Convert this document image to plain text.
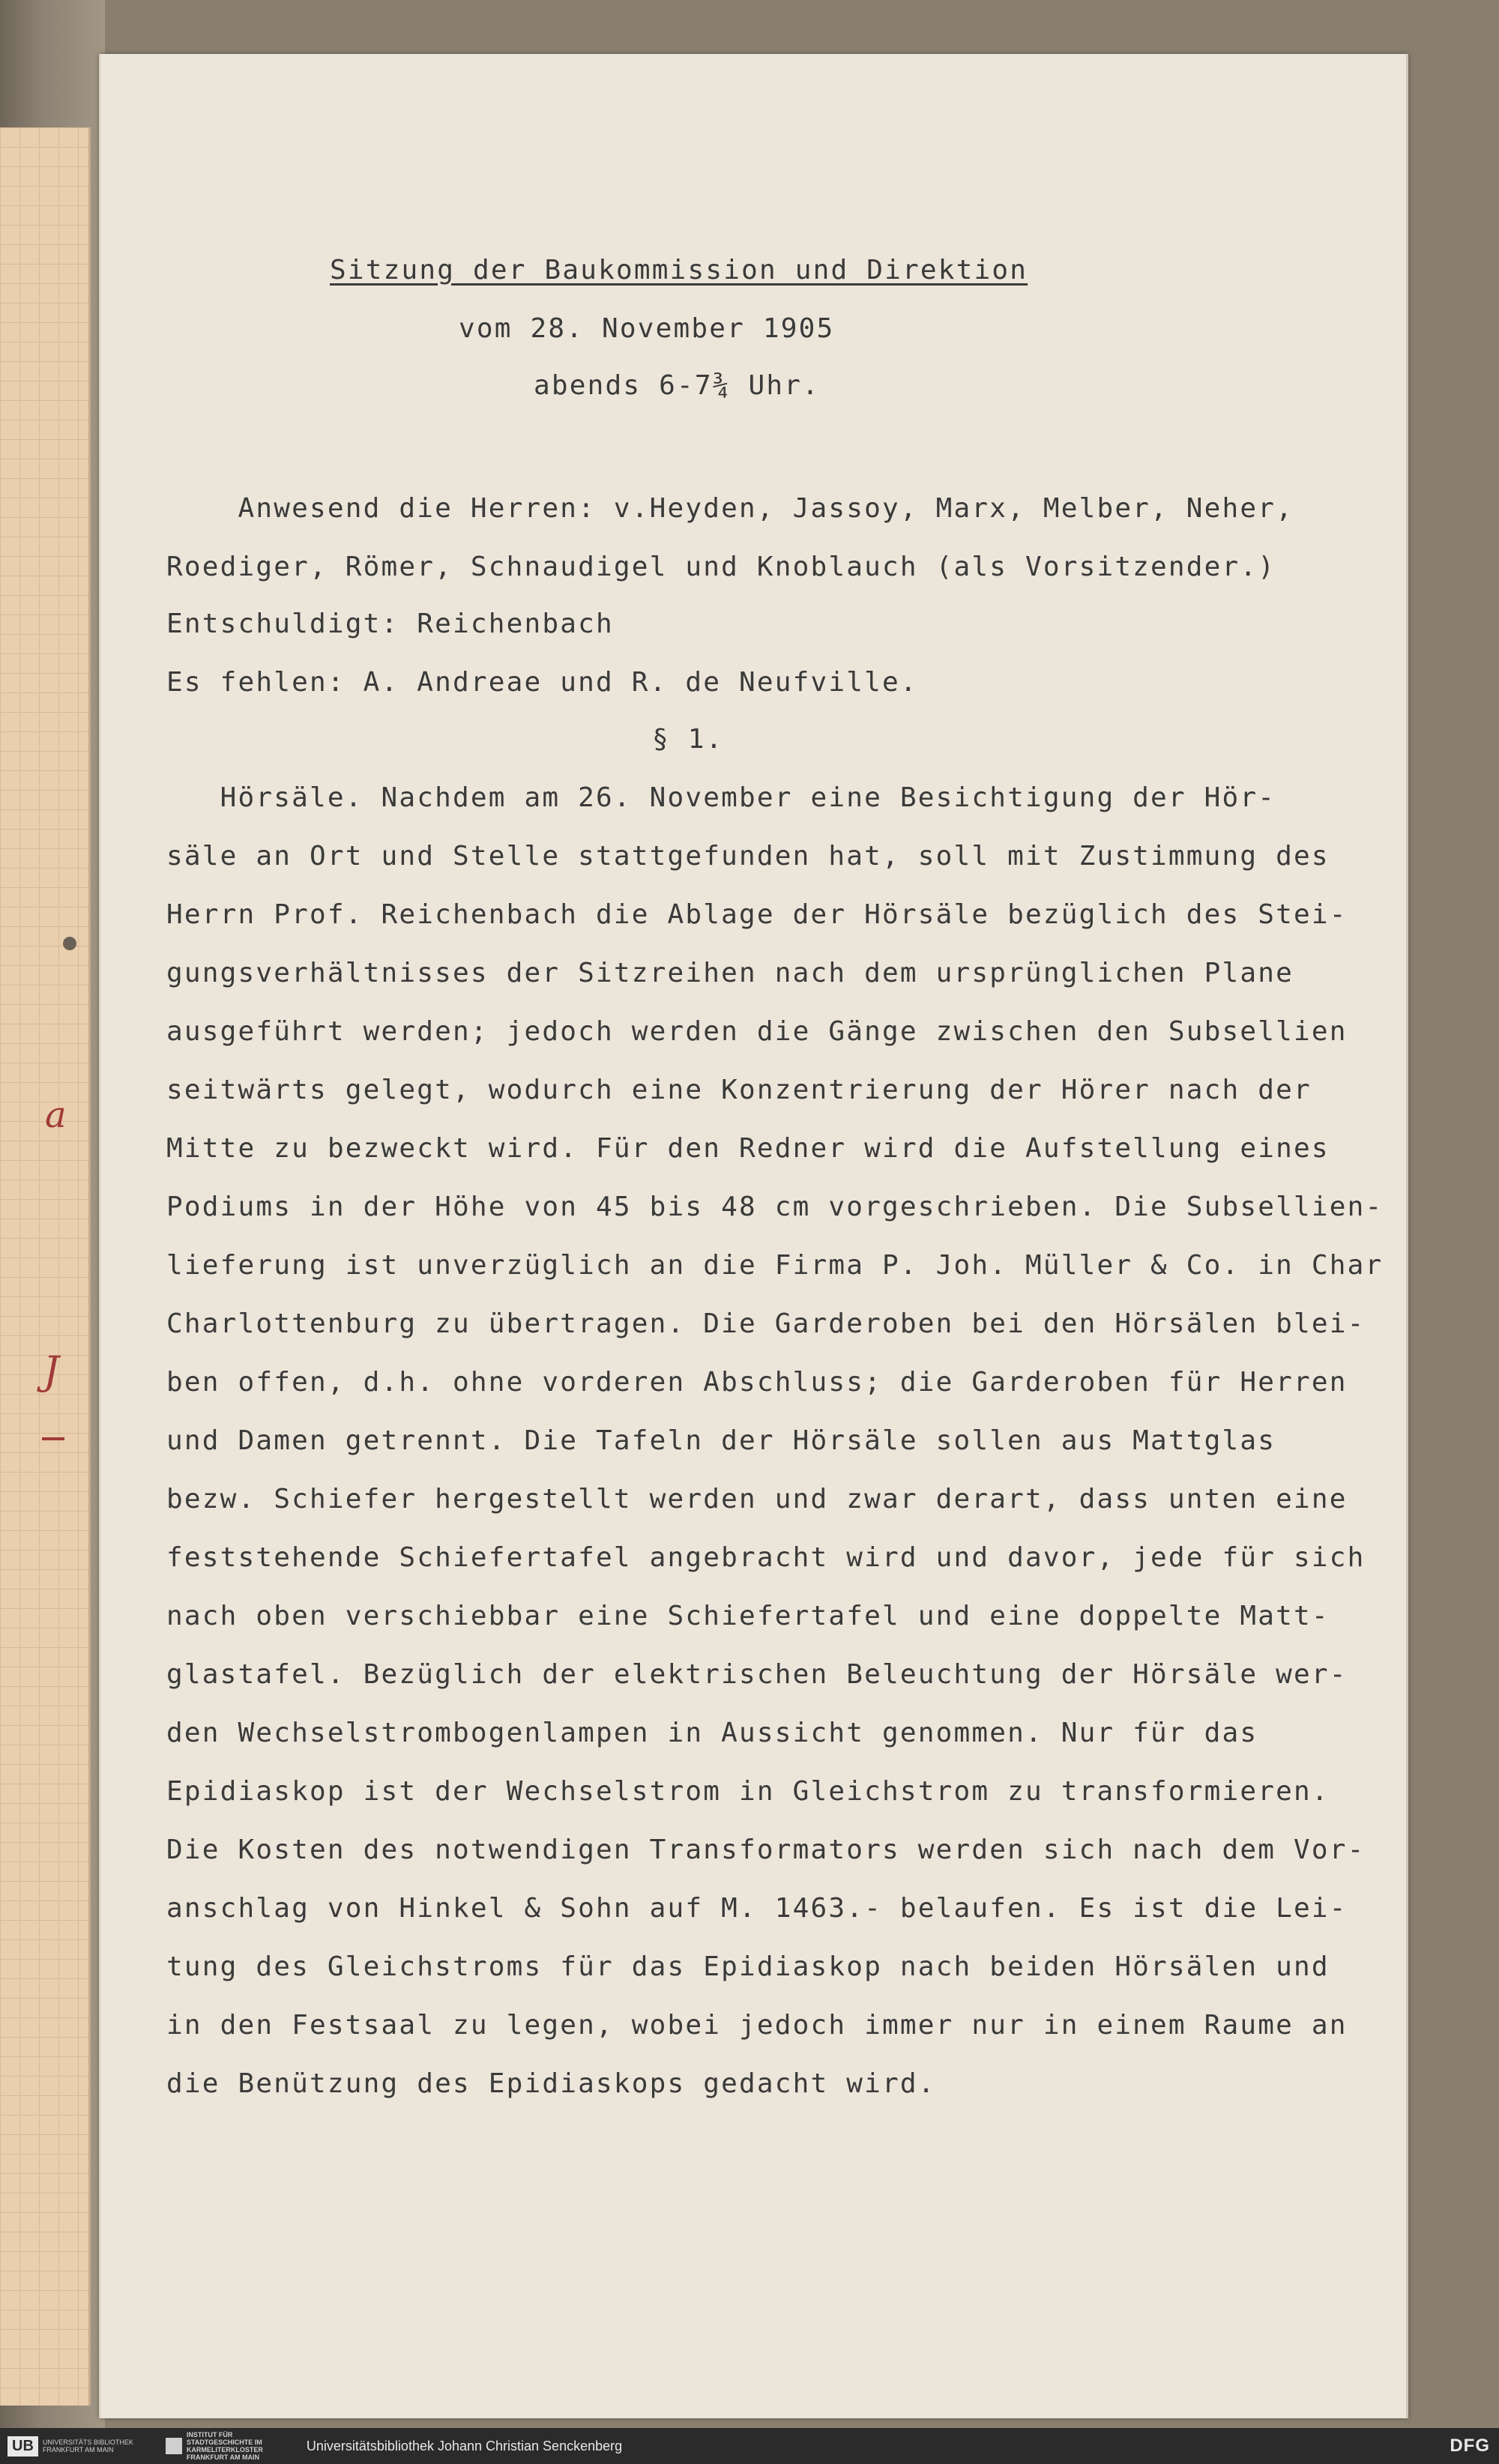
a
J
Sitzung der Baukommission und Direktion
vom 28. November 1905
abends 6-7¾ Uhr.
Anwesend die Herren: v.Heyden, Jassoy, Marx, Melber, Neher,
Roediger, Römer, Schnaudigel und Knoblauch (als Vorsitzender.)
Entschuldigt: Reichenbach
Es fehlen: A. Andreae und R. de Neufville.
§ 1.
Hörsäle. Nachdem am 26. November eine Besichtigung der Hör-
säle an Ort und Stelle stattgefunden hat, soll mit Zustimmung des
Herrn Prof. Reichenbach die Ablage der Hörsäle bezüglich des Stei-
gungsverhältnisses der Sitzreihen nach dem ursprünglichen Plane
ausgeführt werden; jedoch werden die Gänge zwischen den Subsellien
seitwärts gelegt, wodurch eine Konzentrierung der Hörer nach der
Mitte zu bezweckt wird. Für den Redner wird die Aufstellung eines
Podiums in der Höhe von 45 bis 48 cm vorgeschrieben. Die Subsellien-
lieferung ist unverzüglich an die Firma P. Joh. Müller & Co. in Char
Charlottenburg zu übertragen. Die Garderoben bei den Hörsälen blei-
ben offen, d.h. ohne vorderen Abschluss; die Garderoben für Herren
und Damen getrennt. Die Tafeln der Hörsäle sollen aus Mattglas
bezw. Schiefer hergestellt werden und zwar derart, dass unten eine
feststehende Schiefertafel angebracht wird und davor, jede für sich
nach oben verschiebbar eine Schiefertafel und eine doppelte Matt-
glastafel. Bezüglich der elektrischen Beleuchtung der Hörsäle wer-
den Wechselstrombogenlampen in Aussicht genommen. Nur für das
Epidiaskop ist der Wechselstrom in Gleichstrom zu transformieren.
Die Kosten des notwendigen Transformators werden sich nach dem Vor-
anschlag von Hinkel & Sohn auf M. 1463.- belaufen. Es ist die Lei-
tung des Gleichstroms für das Epidiaskop nach beiden Hörsälen und
in den Festsaal zu legen, wobei jedoch immer nur in einem Raume an
die Benützung des Epidiaskops gedacht wird.
UB	UNIVERSITÄTS BIBLIOTHEK FRANKFURT AM MAIN
INSTITUT FÜR STADTGESCHICHTE IM KARMELITERKLOSTER FRANKFURT AM MAIN
Universitätsbibliothek Johann Christian Senckenberg	DFG
